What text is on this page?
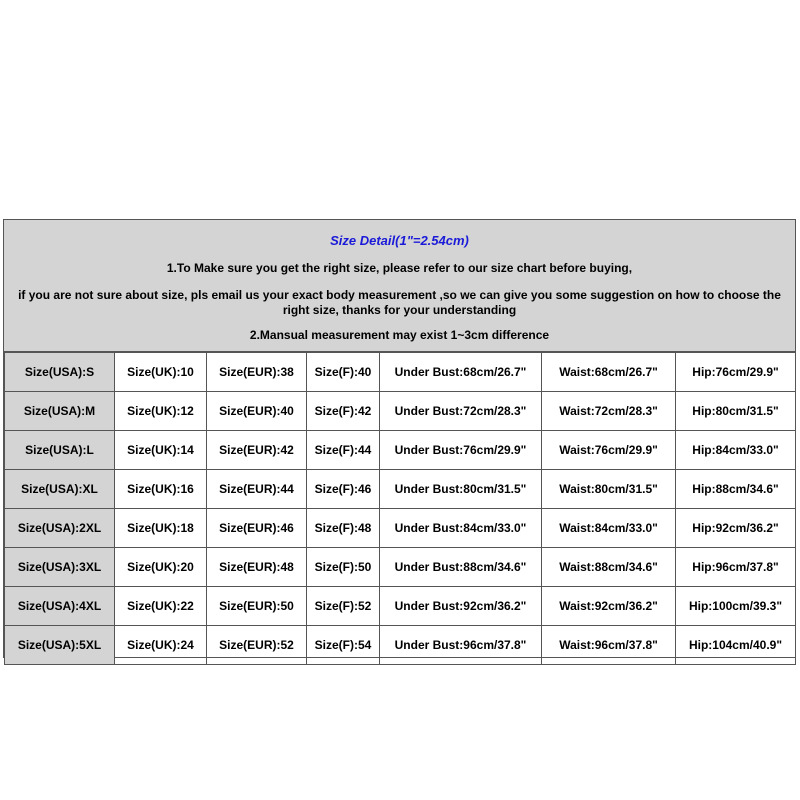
Size Detail(1"=2.54cm)
1.To Make sure you get the right size, please refer to our size chart before buying,
if you are not sure about size, pls email us your exact body measurement ,so we can give you some suggestion on how to choose the right size, thanks for your understanding
2.Mansual measurement may exist 1~3cm difference
Size(USA):S	Size(UK):10	Size(EUR):38	Size(F):40	Under Bust:68cm/26.7"	Waist:68cm/26.7"	Hip:76cm/29.9"
Size(USA):M	Size(UK):12	Size(EUR):40	Size(F):42	Under Bust:72cm/28.3"	Waist:72cm/28.3"	Hip:80cm/31.5"
Size(USA):L	Size(UK):14	Size(EUR):42	Size(F):44	Under Bust:76cm/29.9"	Waist:76cm/29.9"	Hip:84cm/33.0"
Size(USA):XL	Size(UK):16	Size(EUR):44	Size(F):46	Under Bust:80cm/31.5"	Waist:80cm/31.5"	Hip:88cm/34.6"
Size(USA):2XL	Size(UK):18	Size(EUR):46	Size(F):48	Under Bust:84cm/33.0"	Waist:84cm/33.0"	Hip:92cm/36.2"
Size(USA):3XL	Size(UK):20	Size(EUR):48	Size(F):50	Under Bust:88cm/34.6"	Waist:88cm/34.6"	Hip:96cm/37.8"
Size(USA):4XL	Size(UK):22	Size(EUR):50	Size(F):52	Under Bust:92cm/36.2"	Waist:92cm/36.2"	Hip:100cm/39.3"
Size(USA):5XL	Size(UK):24	Size(EUR):52	Size(F):54	Under Bust:96cm/37.8"	Waist:96cm/37.8"	Hip:104cm/40.9"
